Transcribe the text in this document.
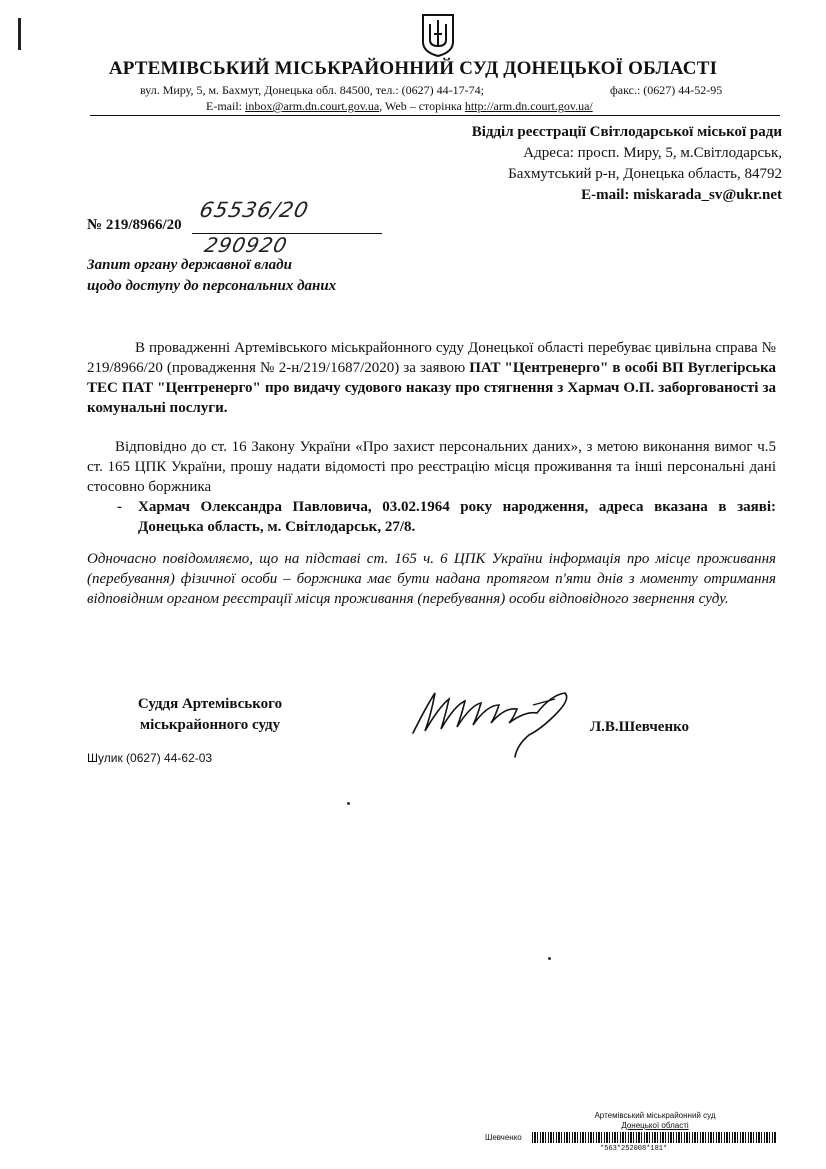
АРТЕМІВСЬКИЙ МІСЬКРАЙОННИЙ СУД ДОНЕЦЬКОЇ ОБЛАСТІ
вул. Миру, 5, м. Бахмут, Донецька обл. 84500, тел.: (0627) 44-17-74;	факс.: (0627) 44-52-95
E-mail: inbox@arm.dn.court.gov.ua, Web – сторінка http://arm.dn.court.gov.ua/
Відділ реєстрації Світлодарської міської ради
Адреса: просп. Миру, 5, м.Світлодарськ,
Бахмутський р-н, Донецька область, 84792
E-mail: miskarada_sv@ukr.net
№ 219/8966/20
65536/20
290920
Запит органу державної влади
щодо доступу до персональних даних
В провадженні Артемівського міськрайонного суду Донецької області перебуває цивільна справа № 219/8966/20 (провадження № 2-н/219/1687/2020) за заявою ПАТ "Центренерго" в особі ВП Вуглегірська ТЕС ПАТ "Центренерго" про видачу судового наказу про стягнення з Хармач О.П. заборгованості за комунальні послуги.
Відповідно до ст. 16 Закону України «Про захист персональних даних», з метою виконання вимог ч.5 ст. 165 ЦПК України, прошу надати відомості про реєстрацію місця проживання та інші персональні дані стосовно боржника
- Хармач Олександра Павловича, 03.02.1964 року народження, адреса вказана в заяві: Донецька область, м. Світлодарськ, 27/8.
Одночасно повідомляємо, що на підставі ст. 165 ч. 6 ЦПК України інформація про місце проживання (перебування) фізичної особи – боржника має бути надана протягом п'яти днів з моменту отримання відповідним органом реєстрації місця проживання (перебування) особи відповідного звернення суду.
Суддя Артемівського
міськрайонного суду	Л.В.Шевченко
Шулик (0627) 44-62-03
Артемівський міськрайонний суд
Донецької області
Шевченко
*563*252008*181*
